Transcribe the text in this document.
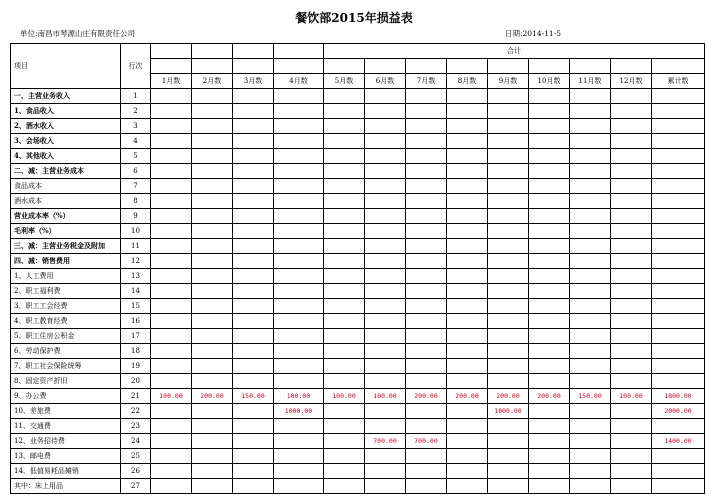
餐饮部2015年损益表
单位:南昌市琴源山庄有限责任公司	日期:2014-11-5
项目	行次					合计								

		1月数	2月数	3月数	4月数	5月数	6月数	7月数	8月数	9月数	10月数	11月数	12月数	累计数
一、主营业务收入	1													
1、食品收入	2													
2、酒水收入	3													
3、会场收入	4													
4、其他收入	5													
二、减：主营业务成本	6													
食品成本	7													
酒水成本	8													
营业成本率（%）	9													
毛利率（%）	10													
三、减：主营业务税金及附加	11													
四、减：销售费用	12													
1、人工费用	13													
2、职工福利费	14													
3、职工工会经费	15													
4、职工教育经费	16													
5、职工住房公积金	17													
6、劳动保护费	18													
7、职工社会保险统筹	19													
8、固定资产折旧	20													
9、办公费	21	100.00	200.00	150.00	100.00	100.00	100.00	200.00	200.00	200.00	200.00	150.00	100.00	1800.00
10、差旅费	22				1000.00					1000.00				2000.00
11、交通费	23													
12、业务招待费	24						700.00	700.00						1400.00
13、邮电费	25													
14、低值易耗品摊销	26													
其中：床上用品	27													
